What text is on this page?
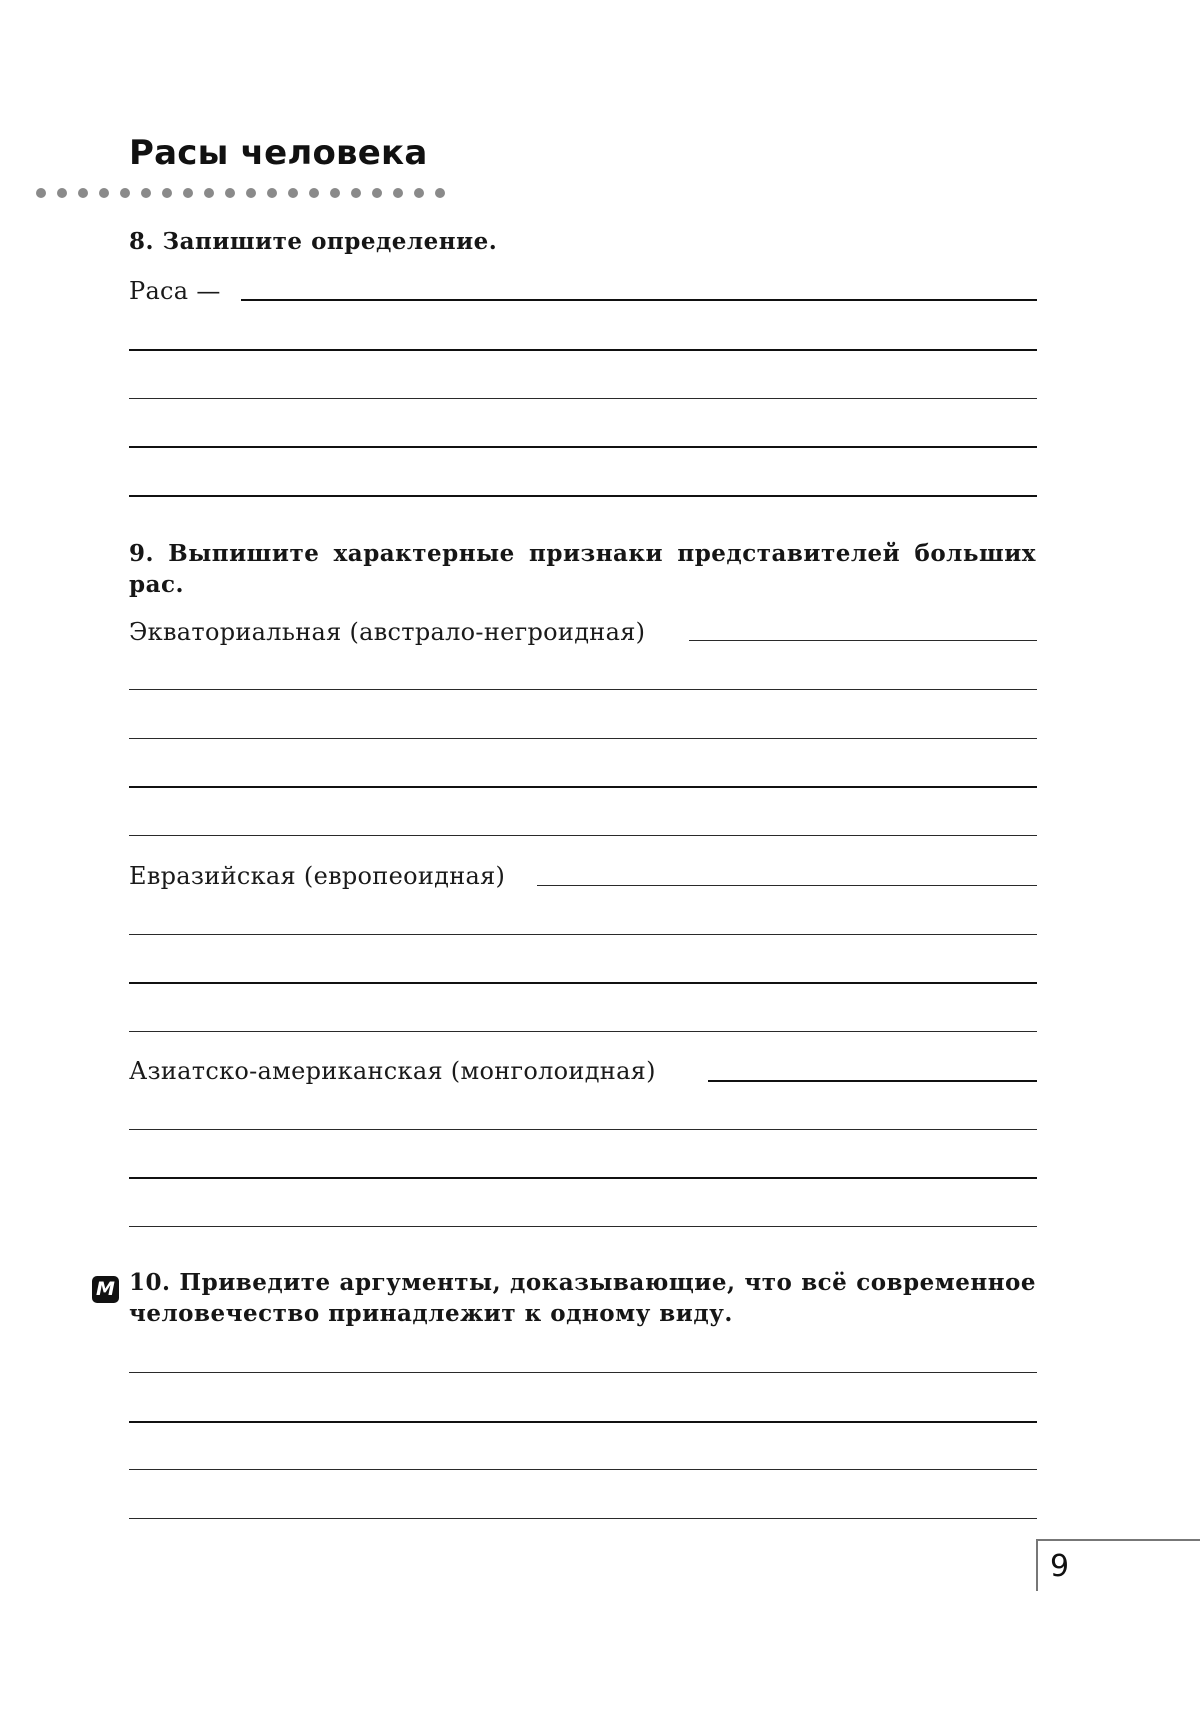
Расы человека
8. Запишите определение.
Раса —
9. Выпишите характерные признаки представителей больших рас.
Экваториальная (австрало-негроидная)
Евразийская (европеоидная)
Азиатско-американская (монголоидная)
М 10. Приведите аргументы, доказывающие, что всё современное человечество принадлежит к одному виду.
9
